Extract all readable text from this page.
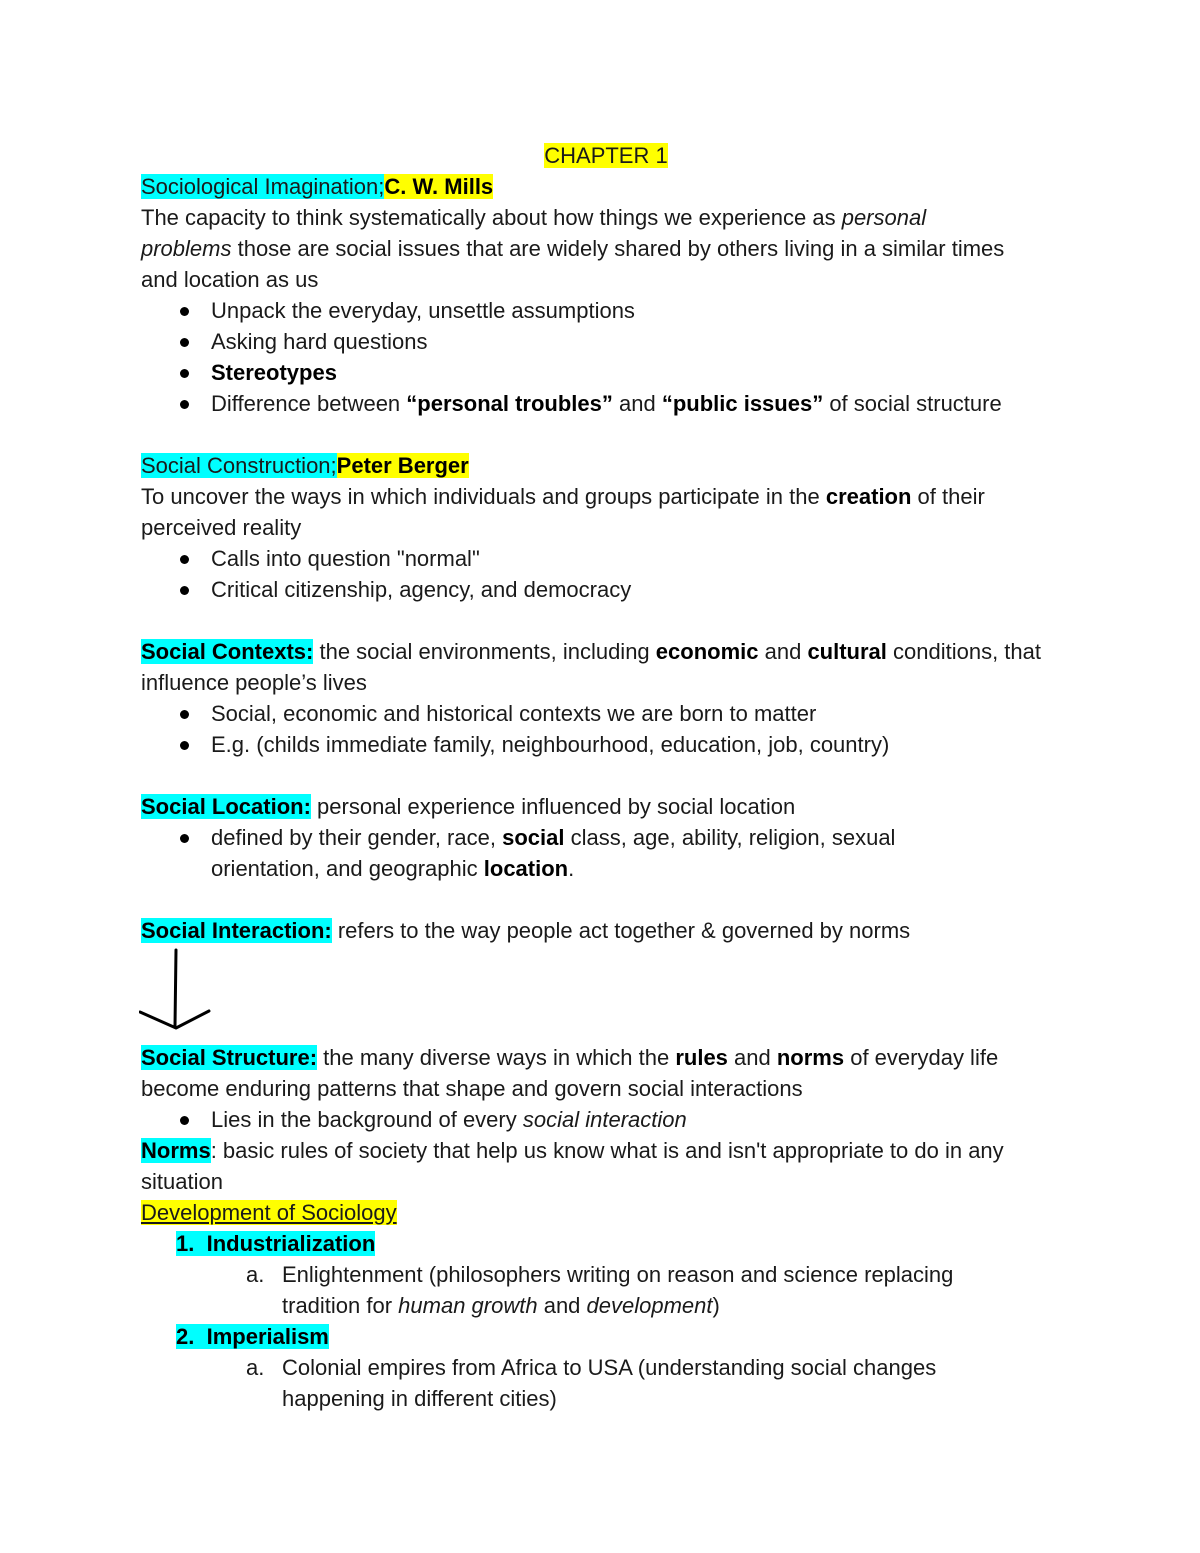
CHAPTER 1
Sociological Imagination;C. W. Mills
The capacity to think systematically about how things we experience as personal problems those are social issues that are widely shared by others living in a similar times and location as us
Unpack the everyday, unsettle assumptions
Asking hard questions
Stereotypes
Difference between “personal troubles” and “public issues” of social structure
Social Construction;Peter Berger
To uncover the ways in which individuals and groups participate in the creation of their perceived reality
Calls into question "normal"
Critical citizenship, agency, and democracy
Social Contexts: the social environments, including economic and cultural conditions, that influence people’s lives
Social, economic and historical contexts we are born to matter
E.g. (childs immediate family, neighbourhood, education, job, country)
Social Location: personal experience influenced by social location
defined by their gender, race, social class, age, ability, religion, sexual orientation, and geographic location.
Social Interaction: refers to the way people act together & governed by norms
Social Structure: the many diverse ways in which the rules and norms of everyday life become enduring patterns that shape and govern social interactions
Lies in the background of every social interaction
Norms: basic rules of society that help us know what is and isn't appropriate to do in any situation
Development of Sociology
1. Industrialization
a. Enlightenment (philosophers writing on reason and science replacing tradition for human growth and development)
2. Imperialism
a. Colonial empires from Africa to USA (understanding social changes happening in different cities)
